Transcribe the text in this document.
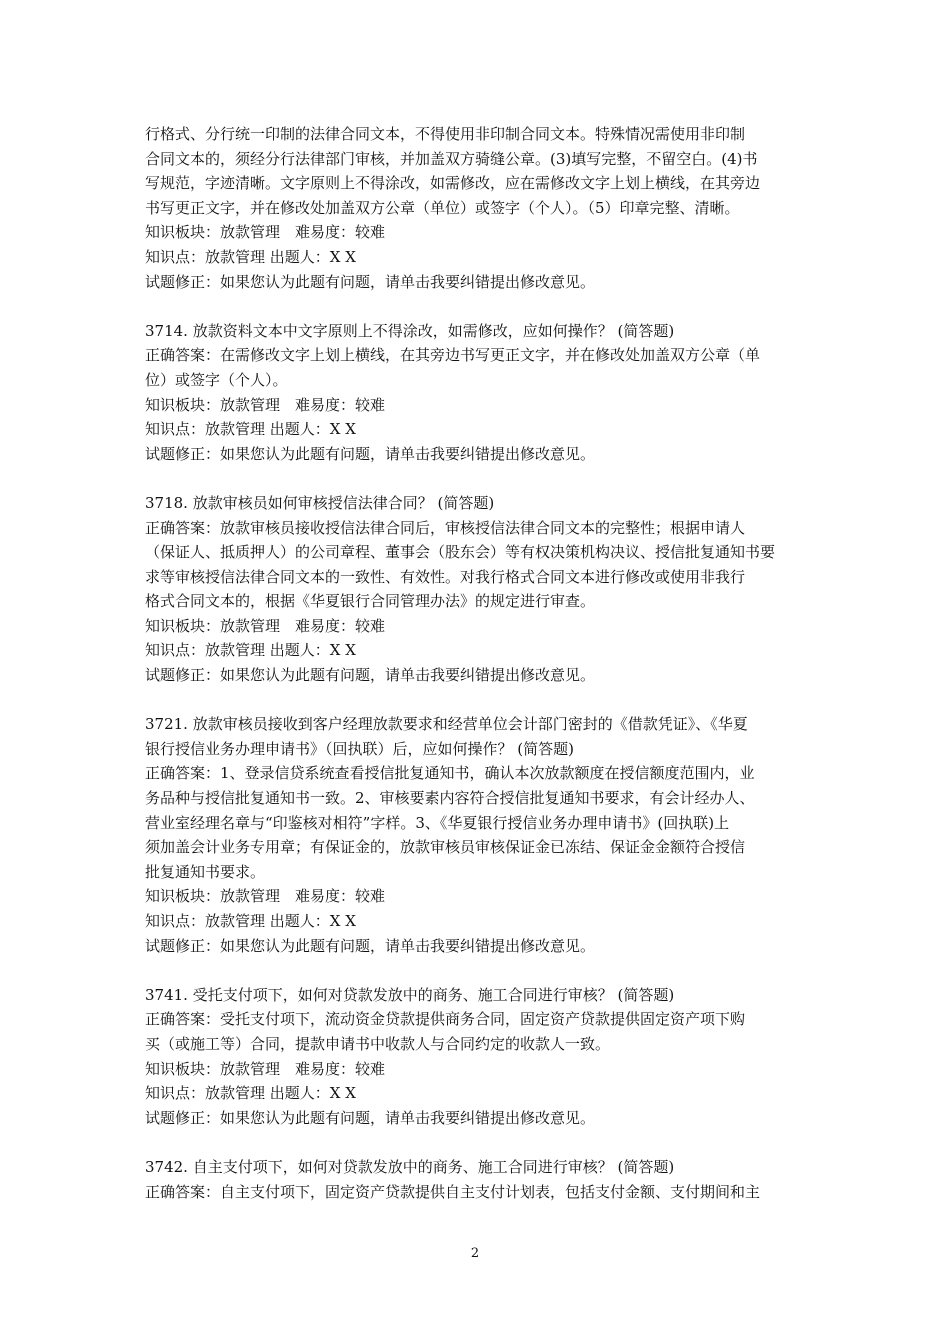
行格式、分行统一印制的法律合同文本，不得使用非印制合同文本。特殊情况需使用非印制
合同文本的，须经分行法律部门审核，并加盖双方骑缝公章。(3)填写完整，不留空白。(4)书
写规范，字迹清晰。文字原则上不得涂改，如需修改，应在需修改文字上划上横线，在其旁边
书写更正文字，并在修改处加盖双方公章（单位）或签字（个人）。（5）印章完整、清晰。
知识板块：放款管理　难易度：较难
知识点：放款管理 出题人：X X
试题修正：如果您认为此题有问题，请单击我要纠错提出修改意见。
3714. 放款资料文本中文字原则上不得涂改，如需修改，应如何操作？ (简答题)
正确答案：在需修改文字上划上横线，在其旁边书写更正文字，并在修改处加盖双方公章（单
位）或签字（个人）。
知识板块：放款管理　难易度：较难
知识点：放款管理 出题人：X X
试题修正：如果您认为此题有问题，请单击我要纠错提出修改意见。
3718. 放款审核员如何审核授信法律合同？ (简答题)
正确答案：放款审核员接收授信法律合同后，审核授信法律合同文本的完整性；根据申请人
（保证人、抵质押人）的公司章程、董事会（股东会）等有权决策机构决议、授信批复通知书要
求等审核授信法律合同文本的一致性、有效性。对我行格式合同文本进行修改或使用非我行
格式合同文本的，根据《华夏银行合同管理办法》的规定进行审查。
知识板块：放款管理　难易度：较难
知识点：放款管理 出题人：X X
试题修正：如果您认为此题有问题，请单击我要纠错提出修改意见。
3721. 放款审核员接收到客户经理放款要求和经营单位会计部门密封的《借款凭证》、《华夏
银行授信业务办理申请书》（回执联）后，应如何操作？ (简答题)
正确答案：1、登录信贷系统查看授信批复通知书，确认本次放款额度在授信额度范围内，业
务品种与授信批复通知书一致。2、审核要素内容符合授信批复通知书要求，有会计经办人、
营业室经理名章与“印鉴核对相符”字样。3、《华夏银行授信业务办理申请书》(回执联)上
须加盖会计业务专用章；有保证金的，放款审核员审核保证金已冻结、保证金金额符合授信
批复通知书要求。
知识板块：放款管理　难易度：较难
知识点：放款管理 出题人：X X
试题修正：如果您认为此题有问题，请单击我要纠错提出修改意见。
3741. 受托支付项下，如何对贷款发放中的商务、施工合同进行审核？ (简答题)
正确答案：受托支付项下，流动资金贷款提供商务合同，固定资产贷款提供固定资产项下购
买（或施工等）合同，提款申请书中收款人与合同约定的收款人一致。
知识板块：放款管理　难易度：较难
知识点：放款管理 出题人：X X
试题修正：如果您认为此题有问题，请单击我要纠错提出修改意见。
3742. 自主支付项下，如何对贷款发放中的商务、施工合同进行审核？ (简答题)
正确答案：自主支付项下，固定资产贷款提供自主支付计划表，包括支付金额、支付期间和主
2
